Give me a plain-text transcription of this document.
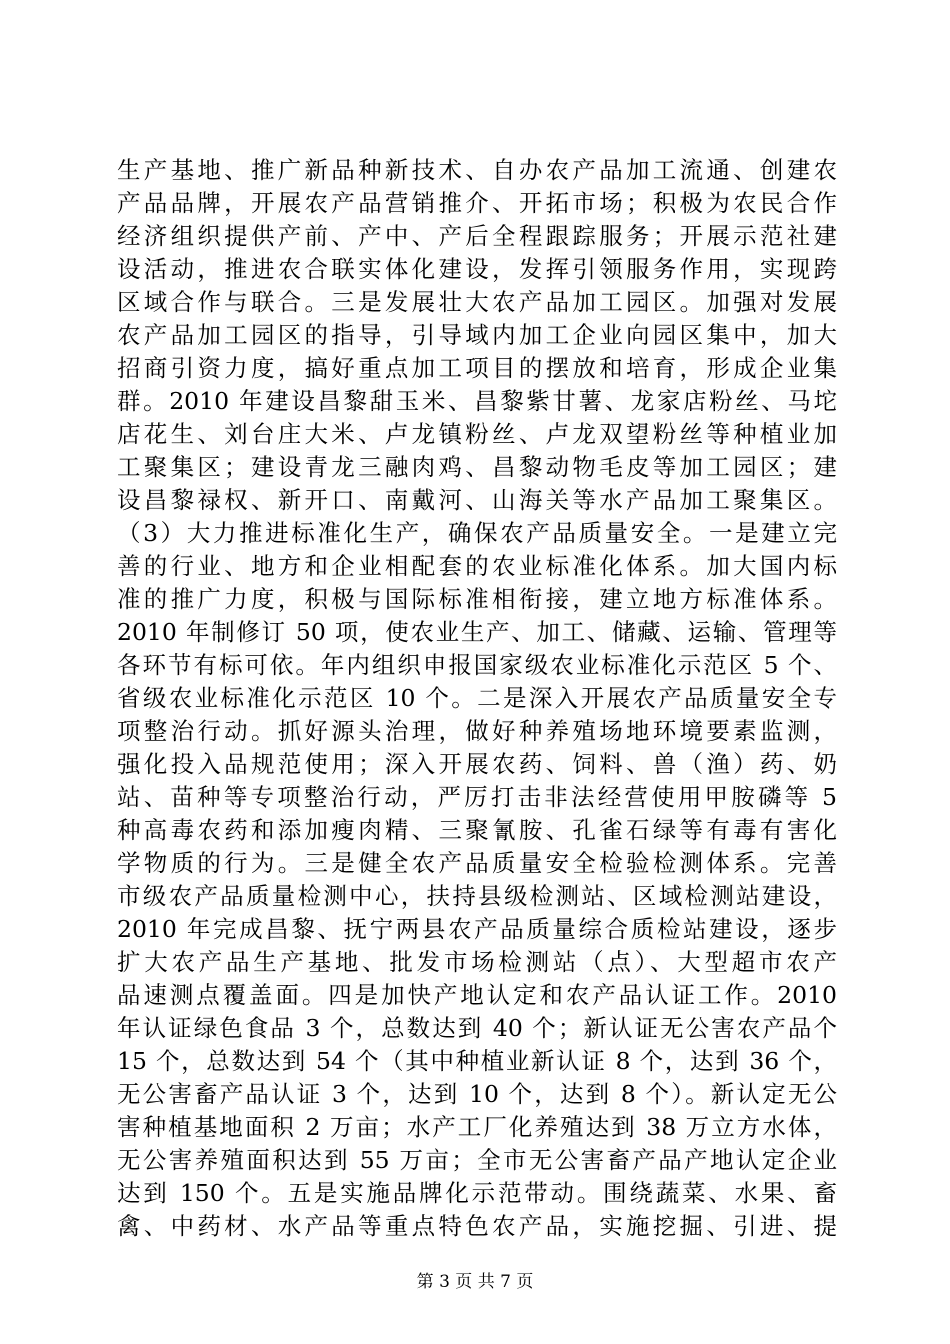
生产基地、推广新品种新技术、自办农产品加工流通、创建农
产品品牌，开展农产品营销推介、开拓市场；积极为农民合作
经济组织提供产前、产中、产后全程跟踪服务；开展示范社建
设活动，推进农合联实体化建设，发挥引领服务作用，实现跨
区域合作与联合。三是发展壮大农产品加工园区。加强对发展
农产品加工园区的指导，引导域内加工企业向园区集中，加大
招商引资力度，搞好重点加工项目的摆放和培育，形成企业集
群。2010 年建设昌黎甜玉米、昌黎紫甘薯、龙家店粉丝、马坨
店花生、刘台庄大米、卢龙镇粉丝、卢龙双望粉丝等种植业加
工聚集区；建设青龙三融肉鸡、昌黎动物毛皮等加工园区；建
设昌黎禄权、新开口、南戴河、山海关等水产品加工聚集区。
（3）大力推进标准化生产，确保农产品质量安全。一是建立完
善的行业、地方和企业相配套的农业标准化体系。加大国内标
准的推广力度，积极与国际标准相衔接，建立地方标准体系。
2010 年制修订 50 项，使农业生产、加工、储藏、运输、管理等
各环节有标可依。年内组织申报国家级农业标准化示范区 5 个、
省级农业标准化示范区 10 个。二是深入开展农产品质量安全专
项整治行动。抓好源头治理，做好种养殖场地环境要素监测，
强化投入品规范使用；深入开展农药、饲料、兽（渔）药、奶
站、苗种等专项整治行动，严厉打击非法经营使用甲胺磷等 5
种高毒农药和添加瘦肉精、三聚氰胺、孔雀石绿等有毒有害化
学物质的行为。三是健全农产品质量安全检验检测体系。完善
市级农产品质量检测中心，扶持县级检测站、区域检测站建设，
2010 年完成昌黎、抚宁两县农产品质量综合质检站建设，逐步
扩大农产品生产基地、批发市场检测站（点）、大型超市农产
品速测点覆盖面。四是加快产地认定和农产品认证工作。2010
年认证绿色食品 3 个，总数达到 40 个；新认证无公害农产品个
15 个，总数达到 54 个（其中种植业新认证 8 个，达到 36 个，
无公害畜产品认证 3 个，达到 10 个，达到 8 个）。新认定无公
害种植基地面积 2 万亩；水产工厂化养殖达到 38 万立方水体，
无公害养殖面积达到 55 万亩；全市无公害畜产品产地认定企业
达到 150 个。五是实施品牌化示范带动。围绕蔬菜、水果、畜
禽、中药材、水产品等重点特色农产品，实施挖掘、引进、提
第 3 页 共 7 页
